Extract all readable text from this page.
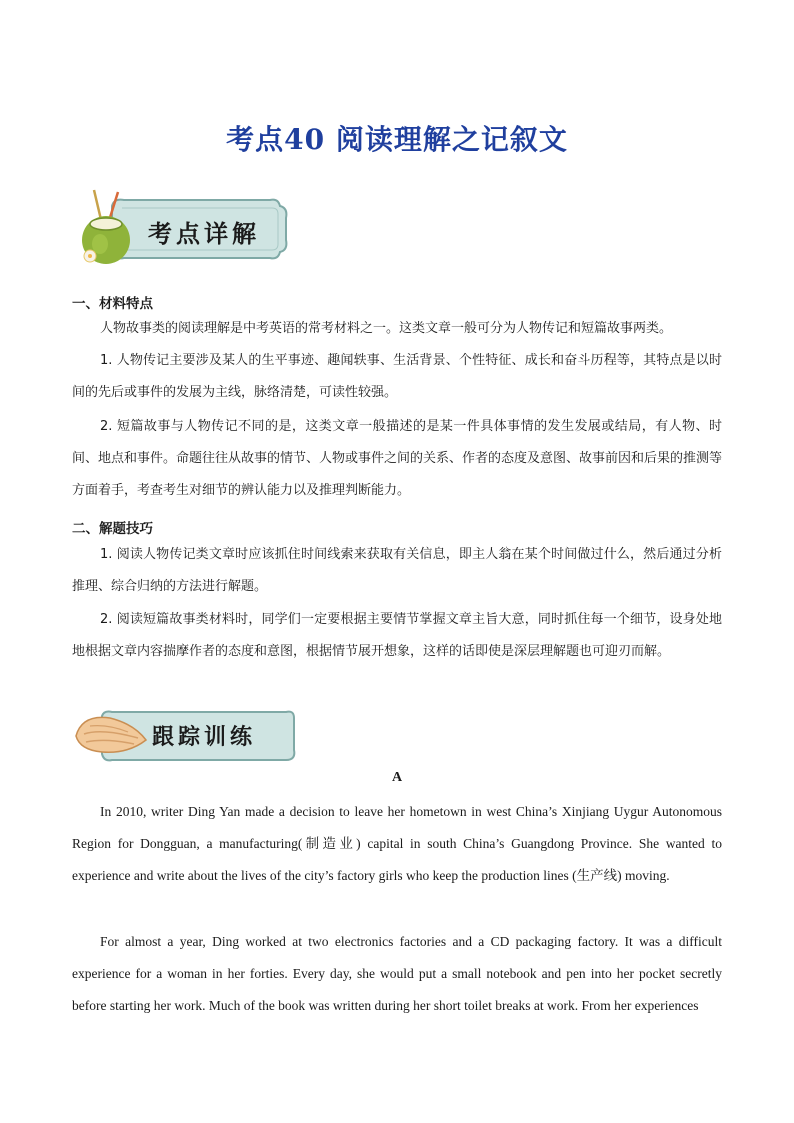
考点40 阅读理解之记叙文
考点详解
一、材料特点

人物故事类的阅读理解是中考英语的常考材料之一。这类文章一般可分为人物传记和短篇故事两类。

1. 人物传记主要涉及某人的生平事迹、趣闻轶事、生活背景、个性特征、成长和奋斗历程等，其特点是以时间的先后或事件的发展为主线，脉络清楚，可读性较强。

2. 短篇故事与人物传记不同的是，这类文章一般描述的是某一件具体事情的发生发展或结局，有人物、时间、地点和事件。命题往往从故事的情节、人物或事件之间的关系、作者的态度及意图、故事前因和后果的推测等方面着手，考查考生对细节的辨认能力以及推理判断能力。

二、解题技巧

1. 阅读人物传记类文章时应该抓住时间线索来获取有关信息，即主人翁在某个时间做过什么，然后通过分析推理、综合归纳的方法进行解题。

2. 阅读短篇故事类材料时，同学们一定要根据主要情节掌握文章主旨大意，同时抓住每一个细节，设身处地地根据文章内容揣摩作者的态度和意图，根据情节展开想象，这样的话即使是深层理解题也可迎刃而解。

跟踪训练
A

In 2010, writer Ding Yan made a decision to leave her hometown in west China’s Xinjiang Uygur Autonomous Region for Dongguan, a manufacturing(制造业) capital in south China’s Guangdong Province. She wanted to experience and write about the lives of the city’s factory girls who keep the production lines (生产线) moving.

For almost a year, Ding worked at two electronics factories and a CD packaging factory. It was a difficult experience for a woman in her forties. Every day, she would put a small notebook and pen into her pocket secretly before starting her work. Much of the book was written during her short toilet breaks at work. From her experiences
